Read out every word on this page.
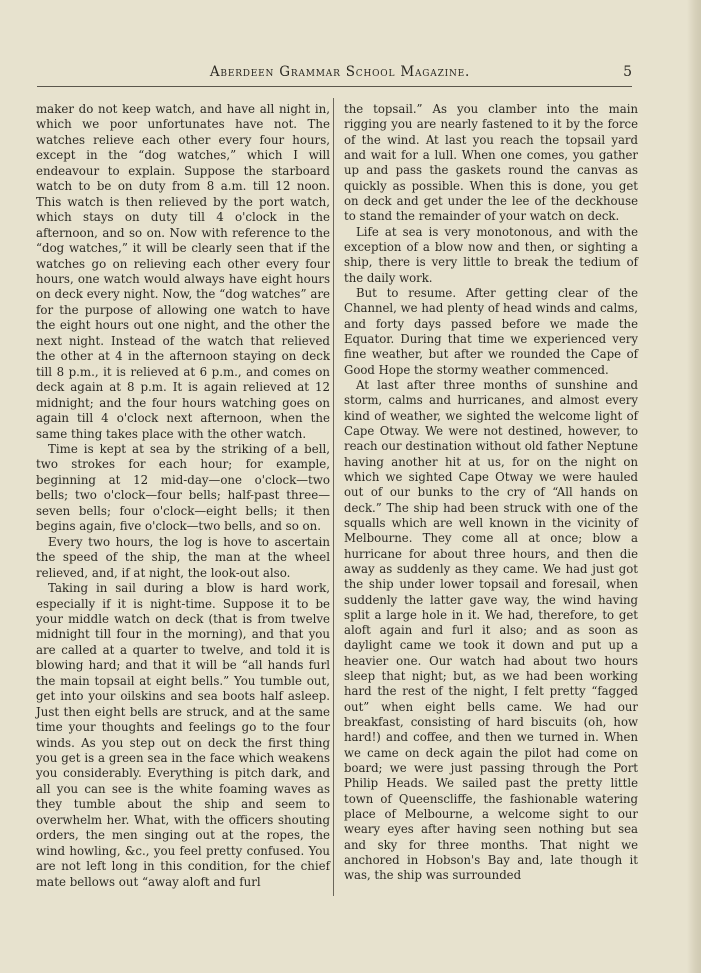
Aberdeen Grammar School Magazine.	5

maker do not keep watch, and have all night in, which we poor unfortunates have not. The watches relieve each other every four hours, except in the “dog watches,” which I will endeavour to explain. Suppose the starboard watch to be on duty from 8 a.m. till 12 noon. This watch is then relieved by the port watch, which stays on duty till 4 o'clock in the afternoon, and so on. Now with reference to the “dog watches,” it will be clearly seen that if the watches go on relieving each other every four hours, one watch would always have eight hours on deck every night. Now, the “dog watches” are for the purpose of allowing one watch to have the eight hours out one night, and the other the next night. Instead of the watch that relieved the other at 4 in the afternoon staying on deck till 8 p.m., it is relieved at 6 p.m., and comes on deck again at 8 p.m. It is again relieved at 12 midnight; and the four hours watching goes on again till 4 o'clock next afternoon, when the same thing takes place with the other watch.

Time is kept at sea by the striking of a bell, two strokes for each hour; for example, beginning at 12 mid-day—one o'clock—two bells; two o'clock—four bells; half-past three—seven bells; four o'clock—eight bells; it then begins again, five o'clock—two bells, and so on.

Every two hours, the log is hove to ascertain the speed of the ship, the man at the wheel relieved, and, if at night, the look-out also.

Taking in sail during a blow is hard work, especially if it is night-time. Suppose it to be your middle watch on deck (that is from twelve midnight till four in the morning), and that you are called at a quarter to twelve, and told it is blowing hard; and that it will be “all hands furl the main topsail at eight bells.” You tumble out, get into your oilskins and sea boots half asleep. Just then eight bells are struck, and at the same time your thoughts and feelings go to the four winds. As you step out on deck the first thing you get is a green sea in the face which weakens you considerably. Everything is pitch dark, and all you can see is the white foaming waves as they tumble about the ship and seem to overwhelm her. What, with the officers shouting orders, the men singing out at the ropes, the wind howling, &c., you feel pretty confused. You are not left long in this condition, for the chief mate bellows out “away aloft and furl

the topsail.” As you clamber into the main rigging you are nearly fastened to it by the force of the wind. At last you reach the topsail yard and wait for a lull. When one comes, you gather up and pass the gaskets round the canvas as quickly as possible. When this is done, you get on deck and get under the lee of the deckhouse to stand the remainder of your watch on deck.

Life at sea is very monotonous, and with the exception of a blow now and then, or sighting a ship, there is very little to break the tedium of the daily work.

But to resume. After getting clear of the Channel, we had plenty of head winds and calms, and forty days passed before we made the Equator. During that time we experienced very fine weather, but after we rounded the Cape of Good Hope the stormy weather commenced.

At last after three months of sunshine and storm, calms and hurricanes, and almost every kind of weather, we sighted the welcome light of Cape Otway. We were not destined, however, to reach our destination without old father Neptune having another hit at us, for on the night on which we sighted Cape Otway we were hauled out of our bunks to the cry of “All hands on deck.” The ship had been struck with one of the squalls which are well known in the vicinity of Melbourne. They come all at once; blow a hurricane for about three hours, and then die away as suddenly as they came. We had just got the ship under lower topsail and foresail, when suddenly the latter gave way, the wind having split a large hole in it. We had, therefore, to get aloft again and furl it also; and as soon as daylight came we took it down and put up a heavier one. Our watch had about two hours sleep that night; but, as we had been working hard the rest of the night, I felt pretty “fagged out” when eight bells came. We had our breakfast, consisting of hard biscuits (oh, how hard!) and coffee, and then we turned in. When we came on deck again the pilot had come on board; we were just passing through the Port Philip Heads. We sailed past the pretty little town of Queenscliffe, the fashionable watering place of Melbourne, a welcome sight to our weary eyes after having seen nothing but sea and sky for three months. That night we anchored in Hobson's Bay and, late though it was, the ship was surrounded
